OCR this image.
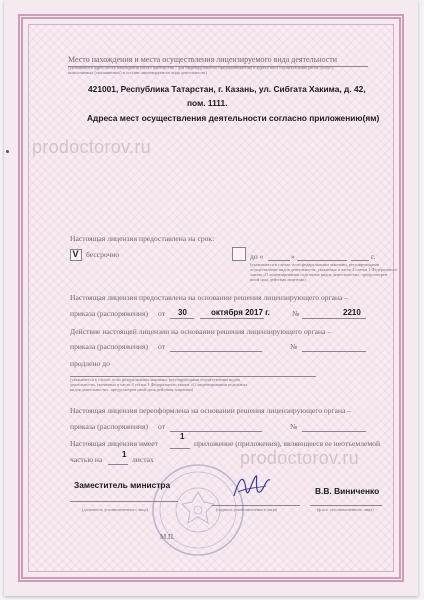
Место нахождения и места осуществления лицензируемого вида деятельности
(указываются адрес места нахождения (место жительства – для индивидуального предпринимателя) и адреса мест осуществления работ (услуг),
выполняемых (оказываемых) в составе лицензируемого вида деятельности)
421001, Республика Татарстан, г. Казань, ул. Сибгата Хакима, д. 42,
пом. 1111.
Адреса мест осуществления деятельности согласно приложению(ям)
prodoctorov.ru
Настоящая лицензия предоставлена на срок:
V бессрочно	до «	»	г.
(указывается в случае, если федеральными законами, регулирующими
осуществление видов деятельности, указанных в части 4 статьи 1 Федерального
закона «О лицензировании отдельных видов деятельности», предусмотрен
иной срок действия лицензии)
Настоящая лицензия предоставлена на основании решения лицензирующего органа –
приказа (распоряжения) от 30	октября 2017 г.	№	2210
Действие настоящей лицензии на основании решения лицензирующего органа –
приказа (распоряжения) от	№
продлено до
(указывается в случае, если федеральными законами, регулирующими осуществление видов
деятельности, указанных в части 4 статьи 1 Федерального закона «О лицензировании отдельных
видов деятельности», предусмотрен иной срок действия лицензии)
Настоящая лицензия переоформлена на основании решения лицензирующего органа –
приказа (распоряжения) от	№
Настоящая лицензия имеет
1
приложение (приложения), являющееся ее неотъемлемой
частью на
1
листах	prodoctorov.ru
Заместитель министра
В.В. Виниченко
(должность уполномоченного лица)	(подпись уполномоченного лица)	(ф.и.о. уполномоченного лица)
М.П.
